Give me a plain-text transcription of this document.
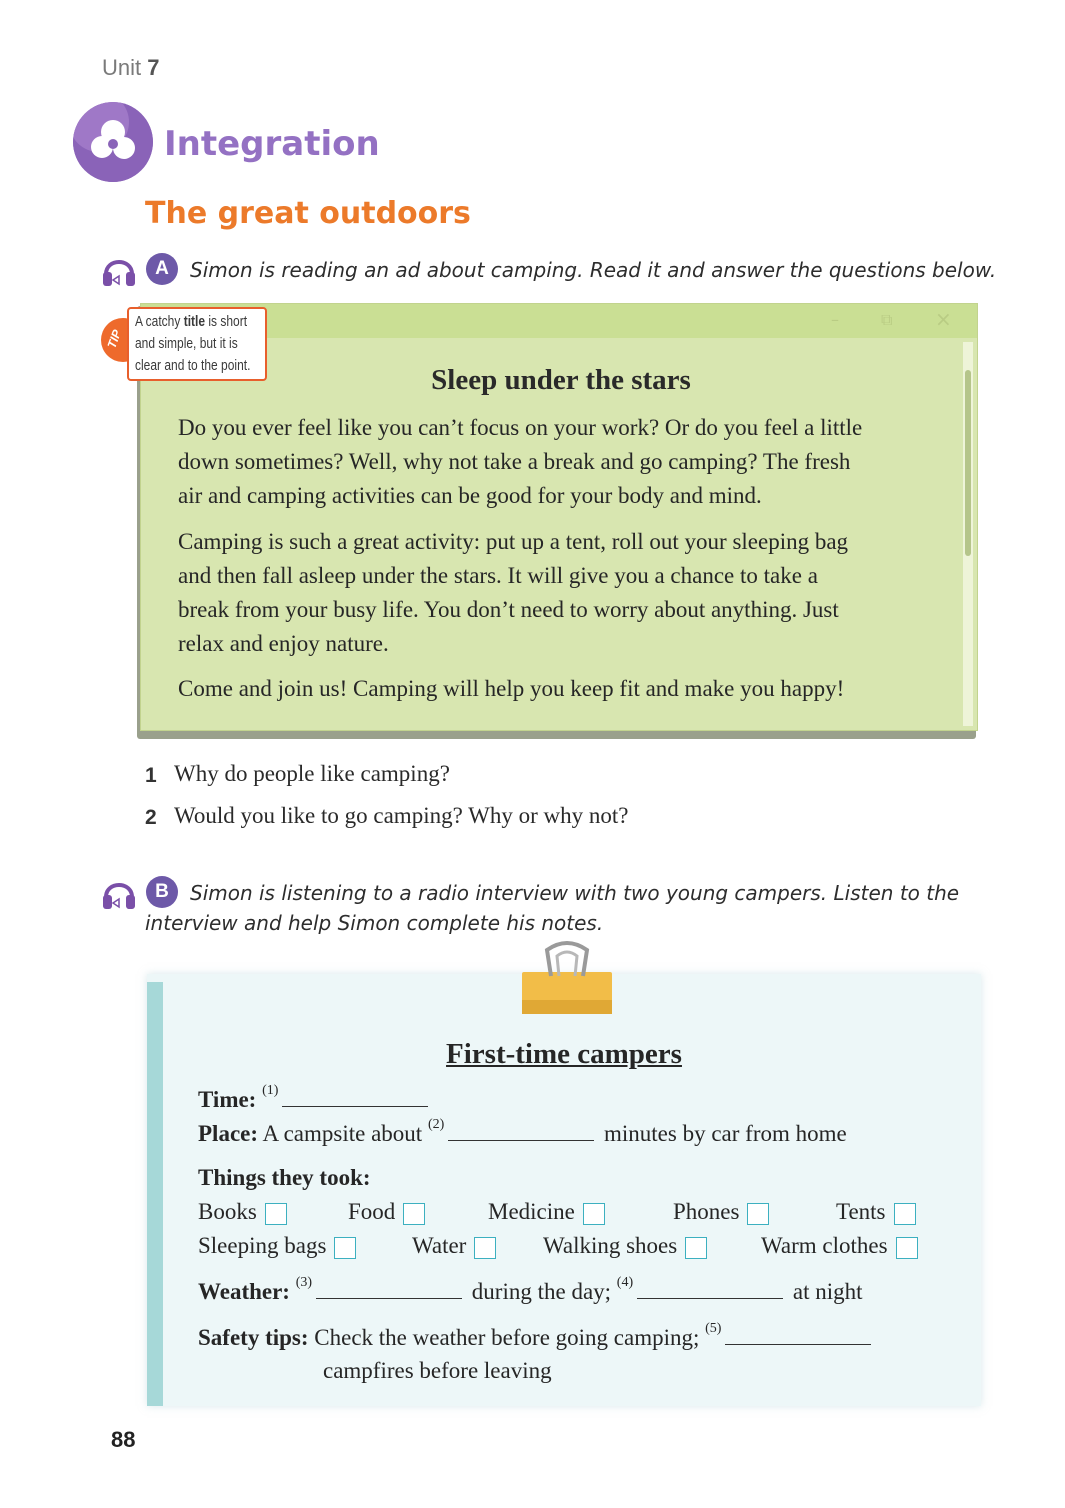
Unit 7
Integration
The great outdoors
A	Simon is reading an ad about camping. Read it and answer the questions below.
–	⧉ ×
Sleep under the stars
Do you ever feel like you can’t focus on your work? Or do you feel a little
down sometimes? Well, why not take a break and go camping? The fresh
air and camping activities can be good for your body and mind.
Camping is such a great activity: put up a tent, roll out your sleeping bag
and then fall asleep under the stars. It will give you a chance to take a
break from your busy life. You don’t need to worry about anything. Just
relax and enjoy nature.
Come and join us! Camping will help you keep fit and make you happy!
TIP
A catchy title is short
and simple, but it is
clear and to the point.
1 Why do people like camping?
2 Would you like to go camping? Why or why not?
B	Simon is listening to a radio interview with two young campers. Listen to the
interview and help Simon complete his notes.
First-time campers
Time: $^{(1)}$
Place: A campsite about $^{(2)}$	minutes by car from home
Things they took:
Books	Food	Medicine	Phones	Tents
Sleeping bags	Water	Walking shoes	Warm clothes
Weather: $^{(3)}$	during the day; $^{(4)}$	at night
Safety tips: Check the weather before going camping; $^{(5)}$
campfires before leaving
88
